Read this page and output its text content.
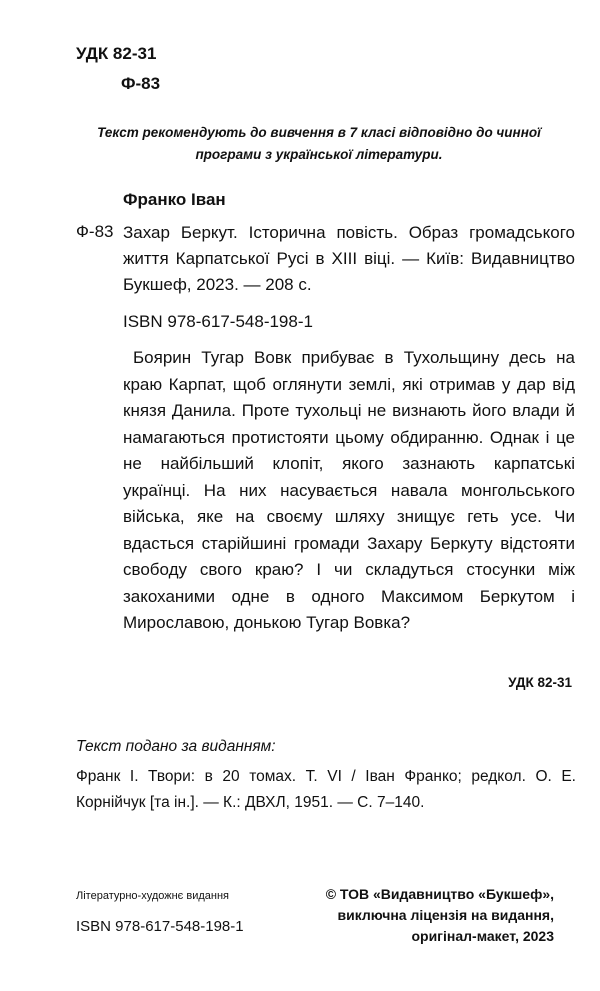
УДК 82-31

Ф-83

Текст рекомендують до вивчення в 7 класі відповідно до чинної
програми з української літератури.

Франко Іван

Ф-83 Захар Беркут. Історична повість. Образ громадського життя Карпатської Русі в XIII віці. — Київ: Видавництво Букшеф, 2023. — 208 с.

ISBN 978-617-548-198-1

Боярин Тугар Вовк прибуває в Тухольщину десь на краю Карпат, щоб оглянути землі, які отримав у дар від князя Данила. Проте тухольці не визнають його влади й намагаються протистояти цьому обдиранню. Однак і це не найбільший клопіт, якого зазнають карпатські українці. На них насувається навала монгольського війська, яке на своєму шляху знищує геть усе. Чи вдасться старійшині громади Захару Беркуту відстояти свободу свого краю? І чи складуться стосунки між закоханими одне в одного Максимом Беркутом і Мирославою, донькою Тугар Вовка?

УДК 82-31

Текст подано за виданням:

Франк І. Твори: в 20 томах. Т. VI / Іван Франко; редкол. О. Е. Корнійчук [та ін.]. — К.: ДВХЛ, 1951. — С. 7–140.

Літературно-художнє видання

ISBN 978-617-548-198-1

© ТОВ «Видавництво «Букшеф»,
виключна ліцензія на видання,
оригінал-макет, 2023
